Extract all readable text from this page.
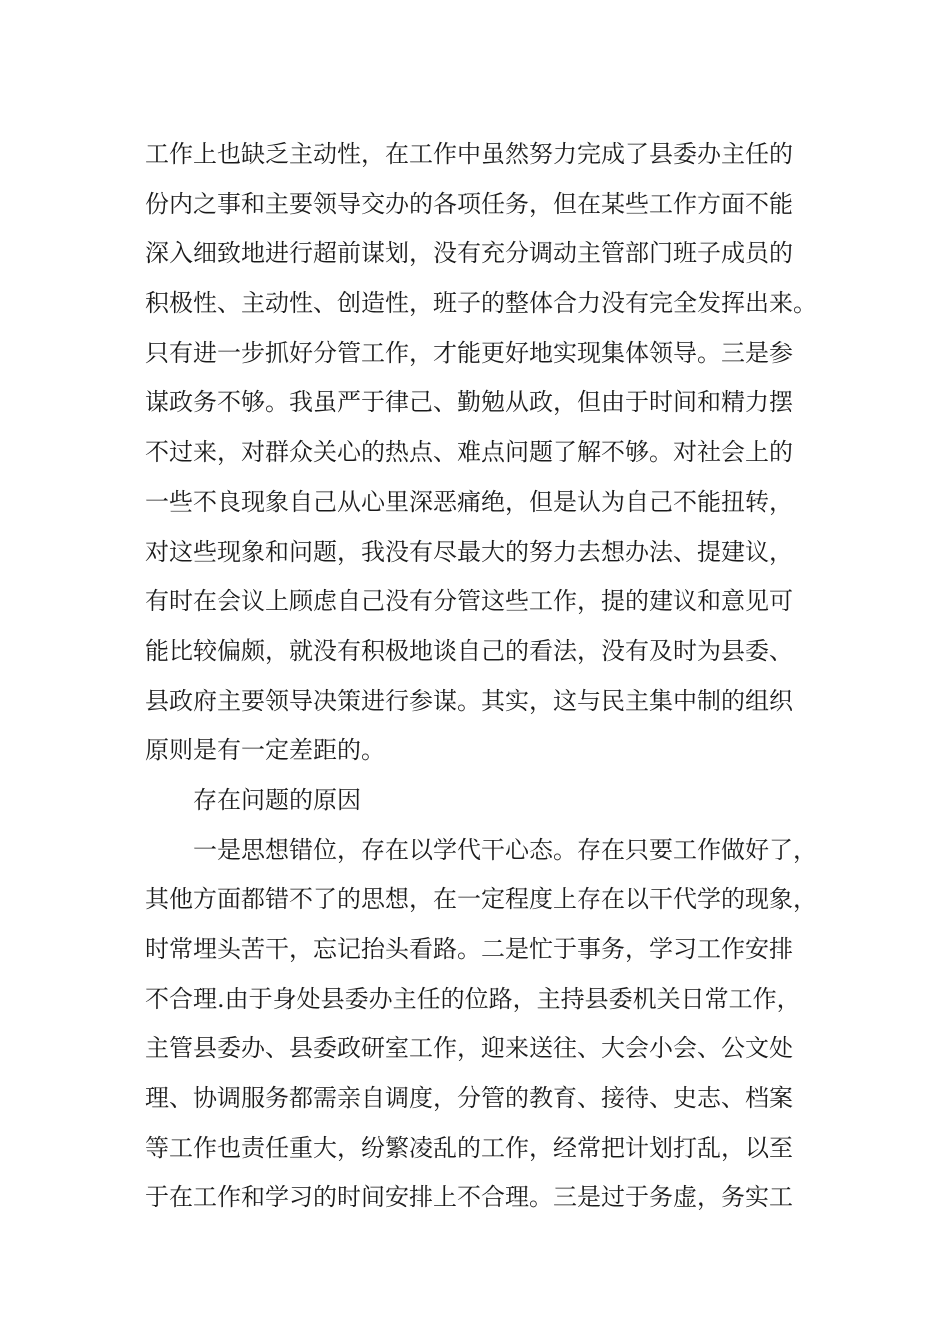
工作上也缺乏主动性，在工作中虽然努力完成了县委办主任的
份内之事和主要领导交办的各项任务，但在某些工作方面不能
深入细致地进行超前谋划，没有充分调动主管部门班子成员的
积极性、主动性、创造性，班子的整体合力没有完全发挥出来。
只有进一步抓好分管工作，才能更好地实现集体领导。三是参
谋政务不够。我虽严于律己、勤勉从政，但由于时间和精力摆
不过来，对群众关心的热点、难点问题了解不够。对社会上的
一些不良现象自己从心里深恶痛绝，但是认为自己不能扭转，
对这些现象和问题，我没有尽最大的努力去想办法、提建议，
有时在会议上顾虑自己没有分管这些工作，提的建议和意见可
能比较偏颇，就没有积极地谈自己的看法，没有及时为县委、
县政府主要领导决策进行参谋。其实，这与民主集中制的组织
原则是有一定差距的。
存在问题的原因
一是思想错位，存在以学代干心态。存在只要工作做好了，
其他方面都错不了的思想，在一定程度上存在以干代学的现象，
时常埋头苦干，忘记抬头看路。二是忙于事务，学习工作安排
不合理.由于身处县委办主任的位路，主持县委机关日常工作，
主管县委办、县委政研室工作，迎来送往、大会小会、公文处
理、协调服务都需亲自调度，分管的教育、接待、史志、档案
等工作也责任重大，纷繁凌乱的工作，经常把计划打乱，以至
于在工作和学习的时间安排上不合理。三是过于务虚，务实工
